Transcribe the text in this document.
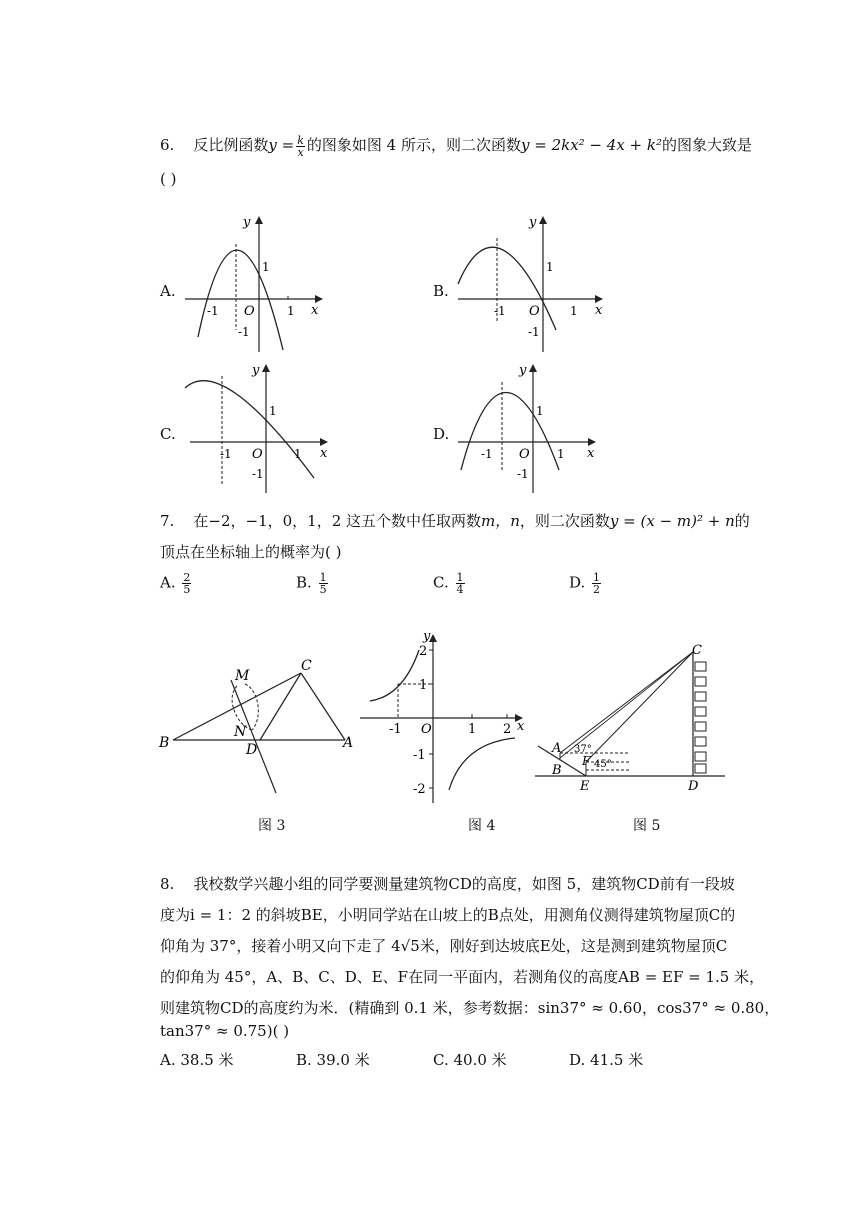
6. 反比例函数$y = \frac{k}{x}$ 的图象如图 4 所示，则二次函数y = 2kx² − 4x + k²的图象大致是
( )
A.	B.
C.	D.
y
x
O
1
-1	1
-1
y
x
O
1
-1	1
-1
y
x
O
1
-1	1
-1
y
x
O
1
-1	1
-1
7. 在−2，−1，0，1，2 这五个数中任取两数m，n，则二次函数y = (x − m)² + n的
顶点在坐标轴上的概率为( )
A. $\frac{2}{5}$	B. $\frac{1}{5}$	C. $\frac{1}{4}$	D. $\frac{1}{2}$
M
C
N
B	D	A
图 3
y
x
O
2
1
-1
-2
-1	1 2
图 4
C
A
B
F
E	D
37°
45°
图 5
8. 我校数学兴趣小组的同学要测量建筑物CD的高度，如图 5，建筑物CD前有一段坡
度为i = 1：2 的斜坡BE，小明同学站在山坡上的B点处，用测角仪测得建筑物屋顶C的
仰角为 37°，接着小明又向下走了 4√5米，刚好到达坡底E处，这是测到建筑物屋顶C
的仰角为 45°，A、B、C、D、E、F在同一平面内，若测角仪的高度AB = EF = 1.5 米，
则建筑物CD的高度约为米．(精确到 0.1 米，参考数据：sin37° ≈ 0.60，cos37° ≈ 0.80，
tan37° ≈ 0.75)( )
A. 38.5 米	B. 39.0 米	C. 40.0 米	D. 41.5 米
